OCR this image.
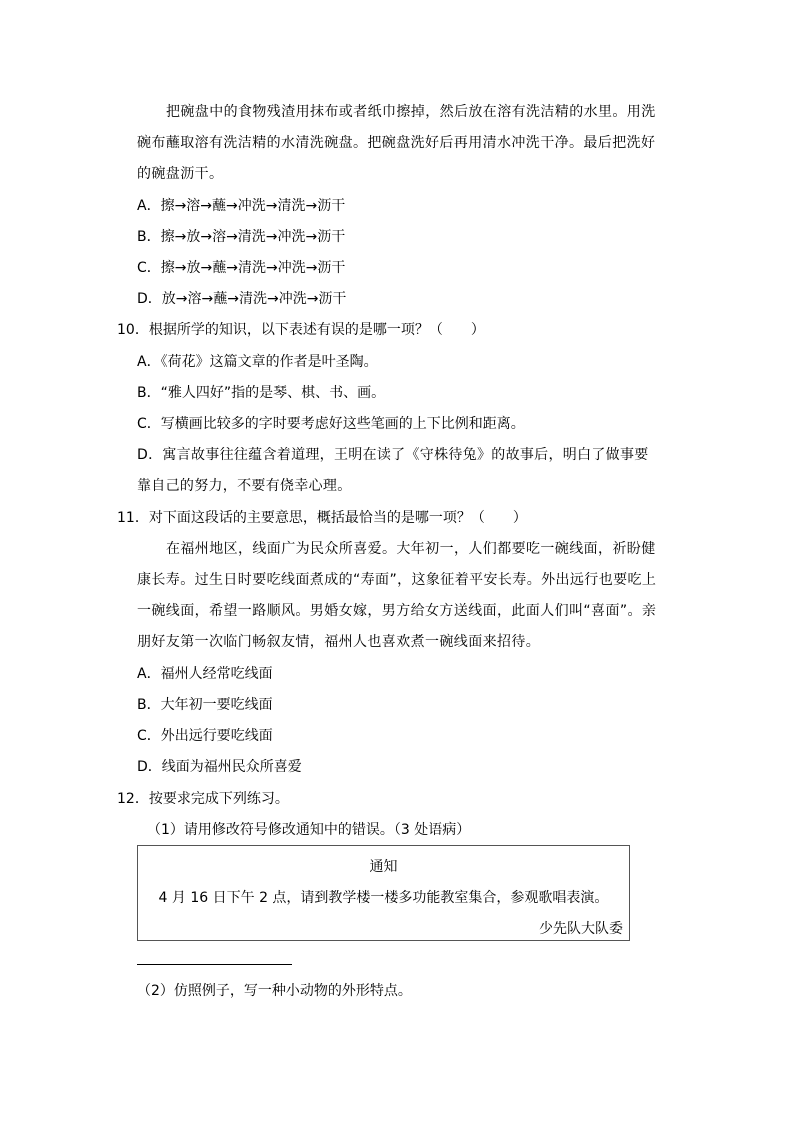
把碗盘中的食物残渣用抹布或者纸巾擦掉，然后放在溶有洗洁精的水里。用洗碗布蘸取溶有洗洁精的水清洗碗盘。把碗盘洗好后再用清水冲洗干净。最后把洗好的碗盘沥干。

A．擦→溶→蘸→冲洗→清洗→沥干
B．擦→放→溶→清洗→冲洗→沥干
C．擦→放→蘸→清洗→冲洗→沥干
D．放→溶→蘸→清洗→冲洗→沥干
10．根据所学的知识，以下表述有误的是哪一项？（　　）
A．《荷花》这篇文章的作者是叶圣陶。
B．“雅人四好”指的是琴、棋、书、画。
C．写横画比较多的字时要考虑好这些笔画的上下比例和距离。

D．寓言故事往往蕴含着道理，王明在读了《守株待兔》的故事后，明白了做事要靠自己的努力，不要有侥幸心理。

11．对下面这段话的主要意思，概括最恰当的是哪一项？（　　）

在福州地区，线面广为民众所喜爱。大年初一，人们都要吃一碗线面，祈盼健康长寿。过生日时要吃线面煮成的“寿面”，这象征着平安长寿。外出远行也要吃上一碗线面，希望一路顺风。男婚女嫁，男方给女方送线面，此面人们叫“喜面”。亲朋好友第一次临门畅叙友情，福州人也喜欢煮一碗线面来招待。

A．福州人经常吃线面
B．大年初一要吃线面
C．外出远行要吃线面
D．线面为福州民众所喜爱
12．按要求完成下列练习。
（1）请用修改符号修改通知中的错误。（3 处语病）
通知
4 月 16 日下午 2 点，请到教学楼一楼多功能教室集合，参观歌唱表演。
少先队大队委
（2）仿照例子，写一种小动物的外形特点。
